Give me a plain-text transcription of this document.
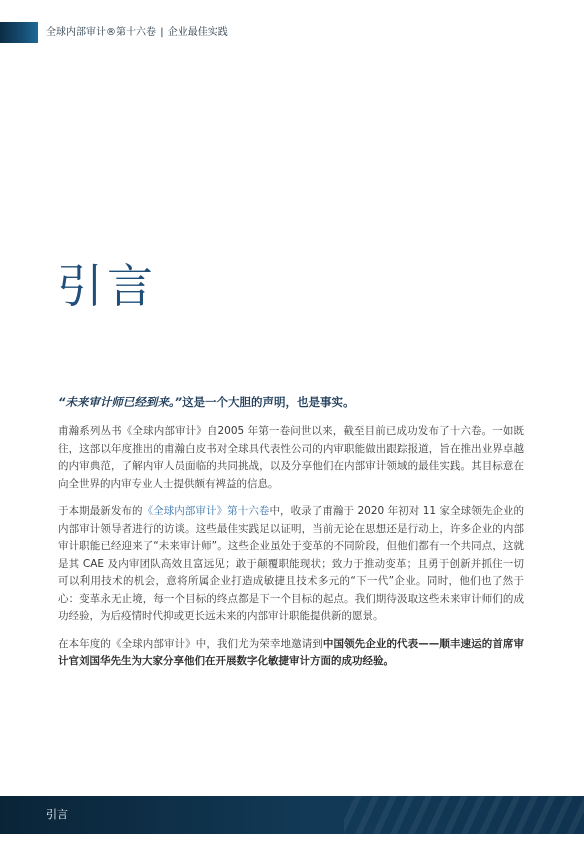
全球内部审计®第十六卷 | 企业最佳实践
引言
“未来审计师已经到来。”这是一个大胆的声明，也是事实。

甫瀚系列丛书《全球内部审计》自2005 年第一卷问世以来，截至目前已成功发布了十六卷。一如既往，这部以年度推出的甫瀚白皮书对全球具代表性公司的内审职能做出跟踪报道，旨在推出业界卓越的内审典范，了解内审人员面临的共同挑战，以及分享他们在内部审计领域的最佳实践。其目标意在向全世界的内审专业人士提供颇有裨益的信息。

于本期最新发布的《全球内部审计》第十六卷中，收录了甫瀚于 2020 年初对 11 家全球领先企业的内部审计领导者进行的访谈。这些最佳实践足以证明，当前无论在思想还是行动上，许多企业的内部审计职能已经迎来了“未来审计师”。这些企业虽处于变革的不同阶段，但他们都有一个共同点，这就是其 CAE 及内审团队高效且富远见；敢于颠覆职能现状；致力于推动变革；且勇于创新并抓住一切可以利用技术的机会，意将所属企业打造成敏捷且技术多元的“下一代”企业。同时，他们也了然于心：变革永无止境，每一个目标的终点都是下一个目标的起点。我们期待汲取这些未来审计师们的成功经验，为后疫情时代抑或更长远未来的内部审计职能提供新的愿景。

在本年度的《全球内部审计》中，我们尤为荣幸地邀请到中国领先企业的代表——顺丰速运的首席审计官刘国华先生为大家分享他们在开展数字化敏捷审计方面的成功经验。

引言
